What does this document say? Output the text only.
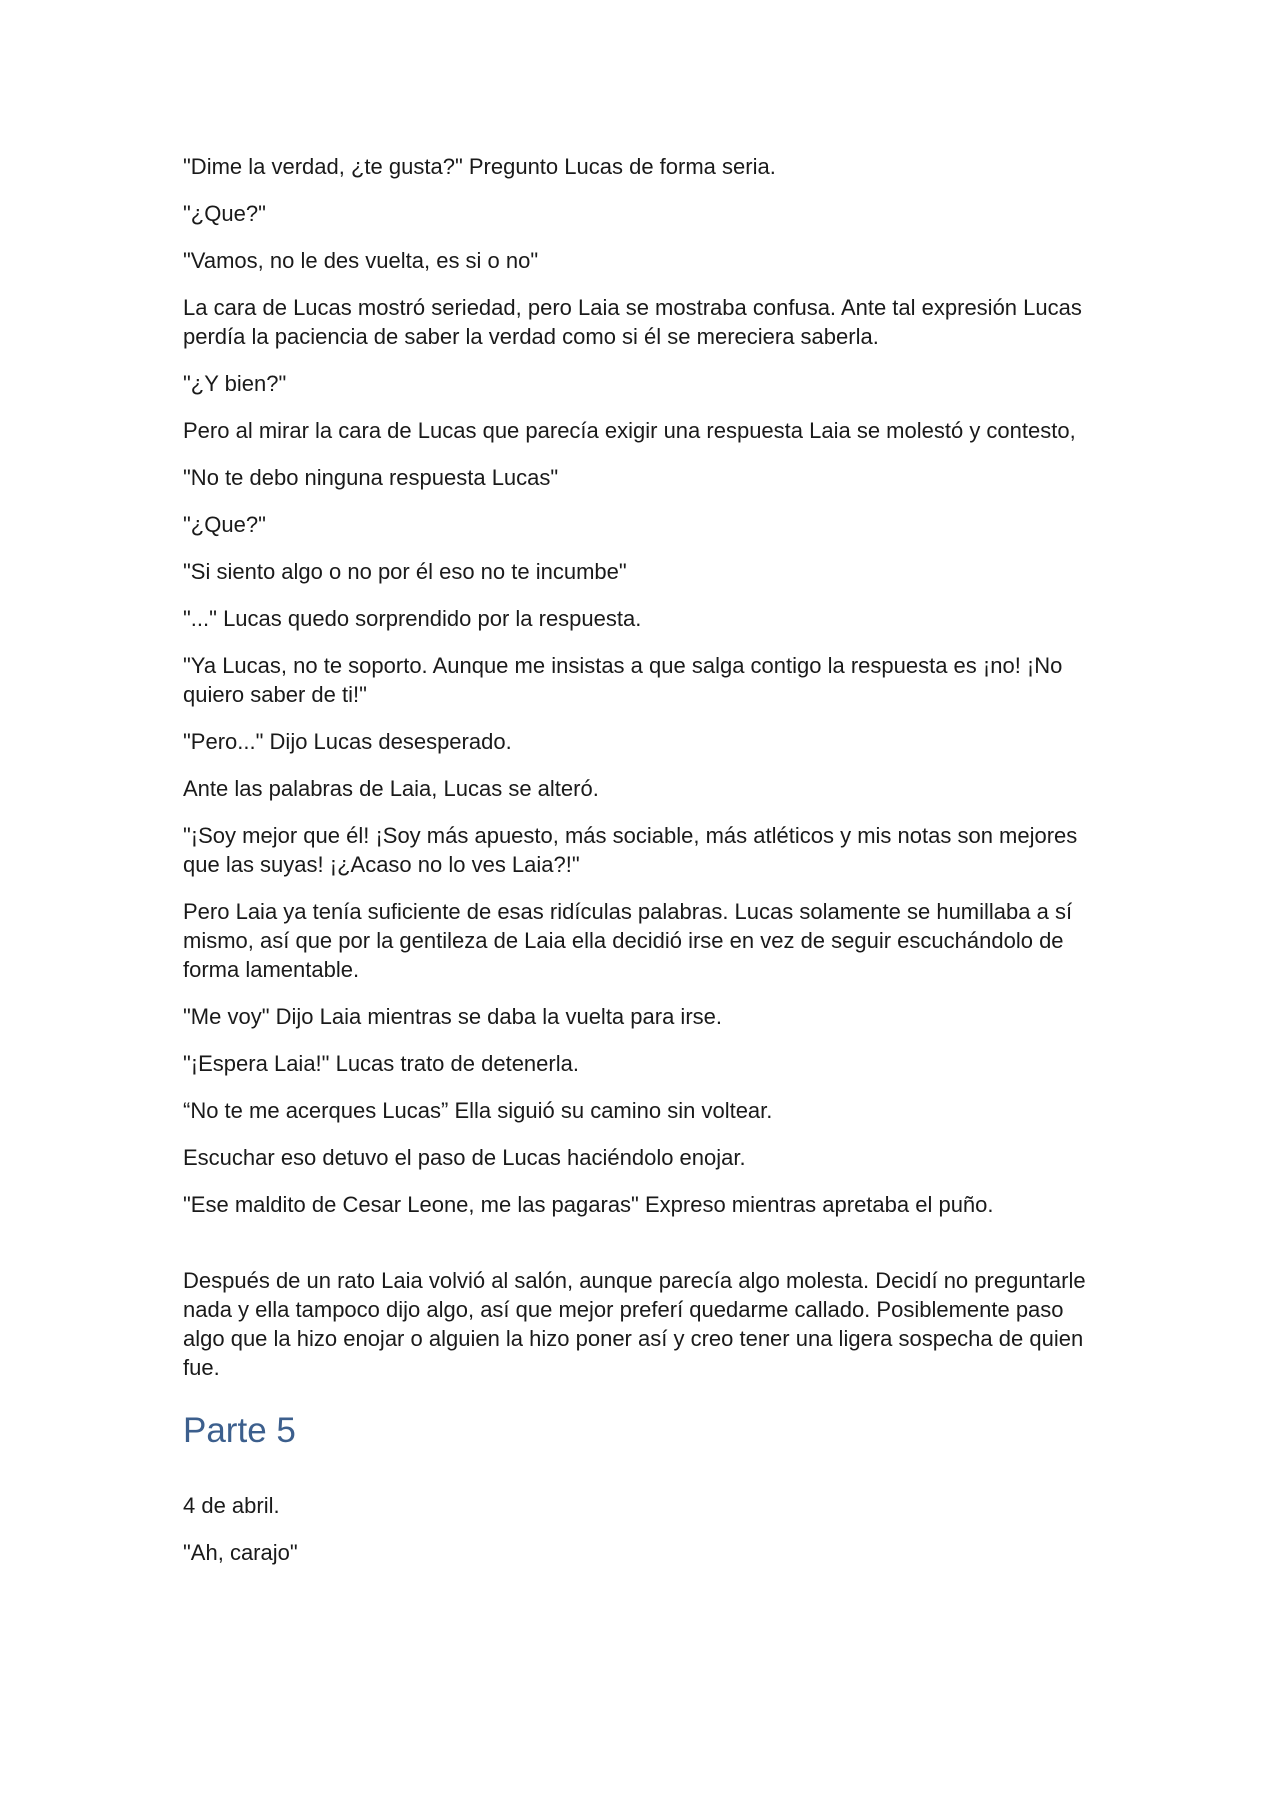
"Dime la verdad, ¿te gusta?" Pregunto Lucas de forma seria.

"¿Que?"

"Vamos, no le des vuelta, es si o no"

La cara de Lucas mostró seriedad, pero Laia se mostraba confusa. Ante tal expresión Lucas perdía la paciencia de saber la verdad como si él se mereciera saberla.

"¿Y bien?"

Pero al mirar la cara de Lucas que parecía exigir una respuesta Laia se molestó y contesto,

"No te debo ninguna respuesta Lucas"

"¿Que?"

"Si siento algo o no por él eso no te incumbe"

"..." Lucas quedo sorprendido por la respuesta.

"Ya Lucas, no te soporto. Aunque me insistas a que salga contigo la respuesta es ¡no! ¡No quiero saber de ti!"

"Pero..." Dijo Lucas desesperado.

Ante las palabras de Laia, Lucas se alteró.

"¡Soy mejor que él! ¡Soy más apuesto, más sociable, más atléticos y mis notas son mejores que las suyas! ¡¿Acaso no lo ves Laia?!"

Pero Laia ya tenía suficiente de esas ridículas palabras. Lucas solamente se humillaba a sí mismo, así que por la gentileza de Laia ella decidió irse en vez de seguir escuchándolo de forma lamentable.

"Me voy" Dijo Laia mientras se daba la vuelta para irse.

"¡Espera Laia!" Lucas trato de detenerla.

“No te me acerques Lucas” Ella siguió su camino sin voltear.

Escuchar eso detuvo el paso de Lucas haciéndolo enojar.

"Ese maldito de Cesar Leone, me las pagaras" Expreso mientras apretaba el puño.

Después de un rato Laia volvió al salón, aunque parecía algo molesta. Decidí no preguntarle nada y ella tampoco dijo algo, así que mejor preferí quedarme callado. Posiblemente paso algo que la hizo enojar o alguien la hizo poner así y creo tener una ligera sospecha de quien fue.

Parte 5

4 de abril.

"Ah, carajo"
